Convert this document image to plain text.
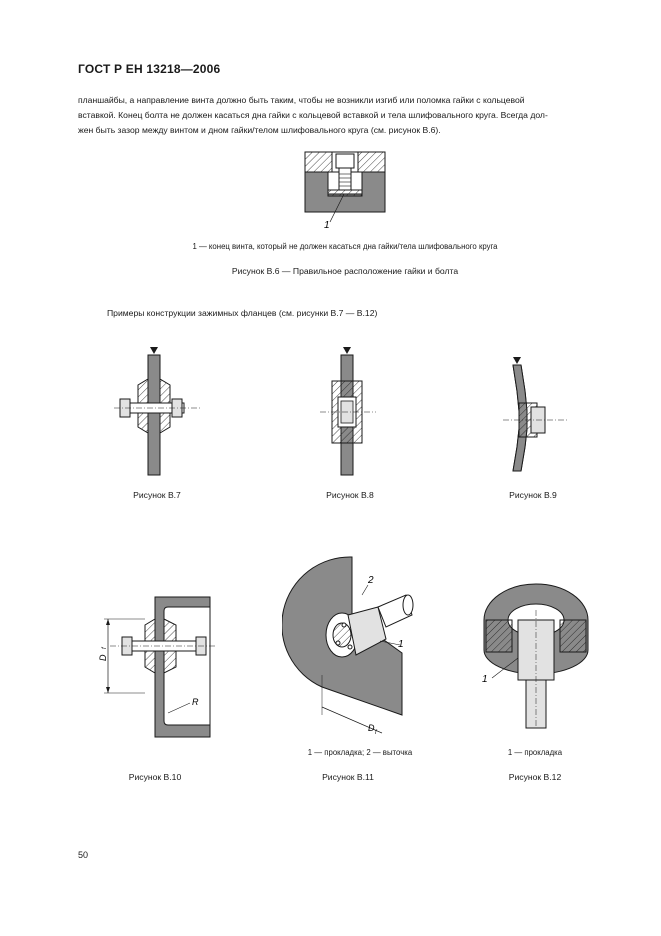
ГОСТ Р ЕН 13218—2006
планшайбы, а направление винта должно быть таким, чтобы не возникли изгиб или поломка гайки с кольцевой
вставкой. Конец болта не должен касаться дна гайки с кольцевой вставкой и тела шлифовального круга. Всегда дол-
жен быть зазор между винтом и дном гайки/телом шлифовального круга (см. рисунок В.6).
1
1 — конец винта, который не должен касаться дна гайки/тела шлифовального круга
Рисунок В.6 — Правильное расположение гайки и болта
Примеры конструкции зажимных фланцев (см. рисунки В.7 — В.12)
Рисунок В.7	Рисунок В.8	Рисунок В.9
D
f
R
Рисунок В.10
2
1
D f
1 — прокладка; 2 — выточка
Рисунок В.11
1
1 — прокладка
Рисунок В.12
50
